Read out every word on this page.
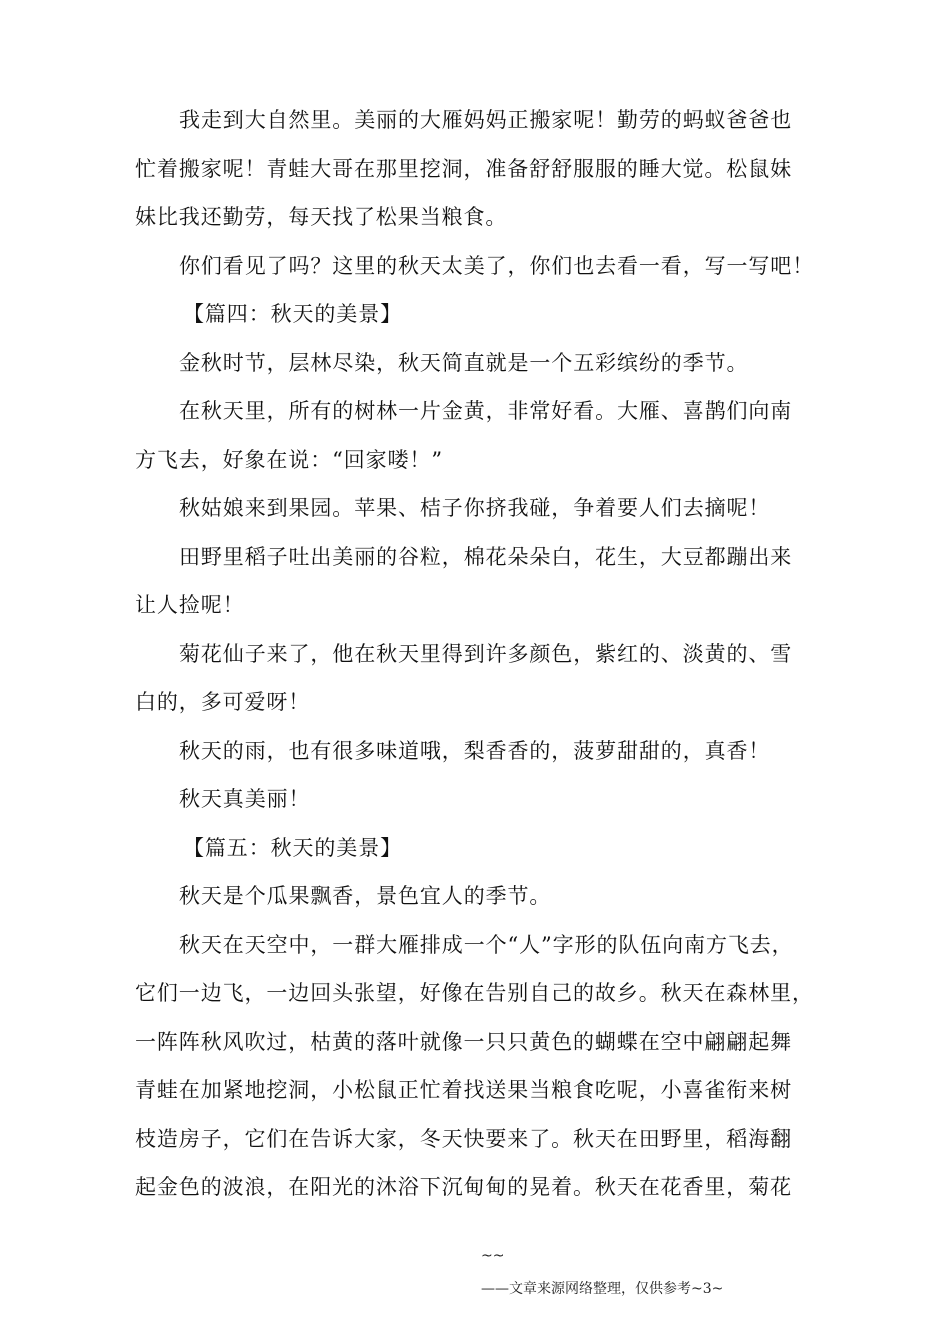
我走到大自然里。美丽的大雁妈妈正搬家呢！勤劳的蚂蚁爸爸也
忙着搬家呢！青蛙大哥在那里挖洞，准备舒舒服服的睡大觉。松鼠妹
妹比我还勤劳，每天找了松果当粮食。

你们看见了吗？这里的秋天太美了，你们也去看一看，写一写吧！

【篇四：秋天的美景】

金秋时节，层林尽染，秋天简直就是一个五彩缤纷的季节。

在秋天里，所有的树林一片金黄，非常好看。大雁、喜鹊们向南
方飞去，好象在说：“回家喽！”

秋姑娘来到果园。苹果、桔子你挤我碰，争着要人们去摘呢！

田野里稻子吐出美丽的谷粒，棉花朵朵白，花生，大豆都蹦出来
让人捡呢！

菊花仙子来了，他在秋天里得到许多颜色，紫红的、淡黄的、雪
白的，多可爱呀！

秋天的雨，也有很多味道哦，梨香香的，菠萝甜甜的，真香！

秋天真美丽！

【篇五：秋天的美景】

秋天是个瓜果飘香，景色宜人的季节。

秋天在天空中，一群大雁排成一个“人”字形的队伍向南方飞去，
它们一边飞，一边回头张望，好像在告别自己的故乡。秋天在森林里，
一阵阵秋风吹过，枯黄的落叶就像一只只黄色的蝴蝶在空中翩翩起舞
青蛙在加紧地挖洞，小松鼠正忙着找送果当粮食吃呢，小喜雀衔来树
枝造房子，它们在告诉大家，冬天快要来了。秋天在田野里，稻海翻
起金色的波浪，在阳光的沐浴下沉甸甸的晃着。秋天在花香里，菊花

~~
——文章来源网络整理，仅供参考~3~
